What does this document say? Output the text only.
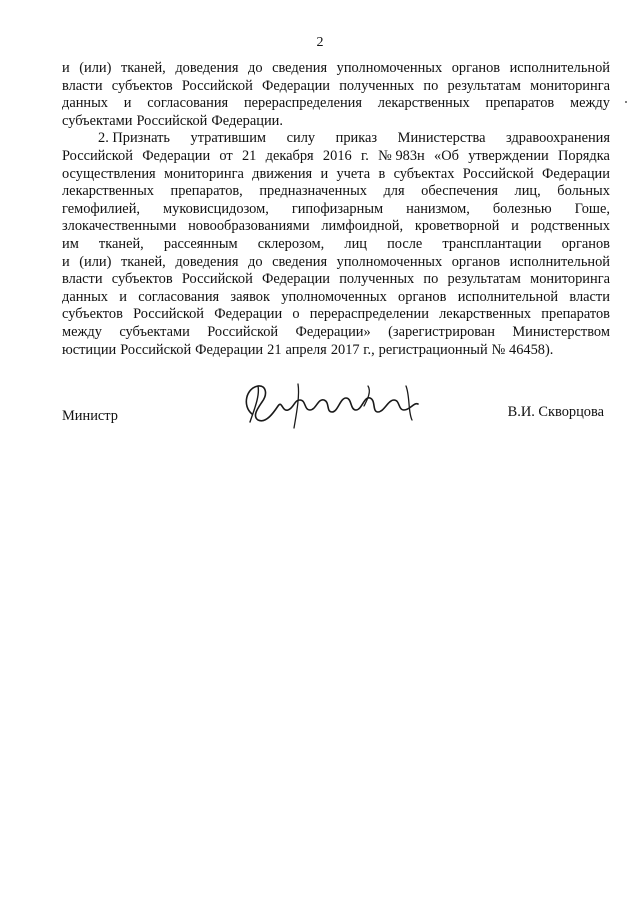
2
и (или) тканей, доведения до сведения уполномоченных органов исполнительной
власти субъектов Российской Федерации полученных по результатам мониторинга
данных и согласования перераспределения лекарственных препаратов между
субъектами Российской Федерации.
2. Признать утратившим силу приказ Министерства здравоохранения
Российской Федерации от 21 декабря 2016 г. № 983н «Об утверждении Порядка
осуществления мониторинга движения и учета в субъектах Российской Федерации
лекарственных препаратов, предназначенных для обеспечения лиц, больных
гемофилией, муковисцидозом, гипофизарным нанизмом, болезнью Гоше,
злокачественными новообразованиями лимфоидной, кроветворной и родственных
им тканей, рассеянным склерозом, лиц после трансплантации органов
и (или) тканей, доведения до сведения уполномоченных органов исполнительной
власти субъектов Российской Федерации полученных по результатам мониторинга
данных и согласования заявок уполномоченных органов исполнительной власти
субъектов Российской Федерации о перераспределении лекарственных препаратов
между субъектами Российской Федерации» (зарегистрирован Министерством
юстиции Российской Федерации 21 апреля 2017 г., регистрационный № 46458).
Министр	В.И. Скворцова
